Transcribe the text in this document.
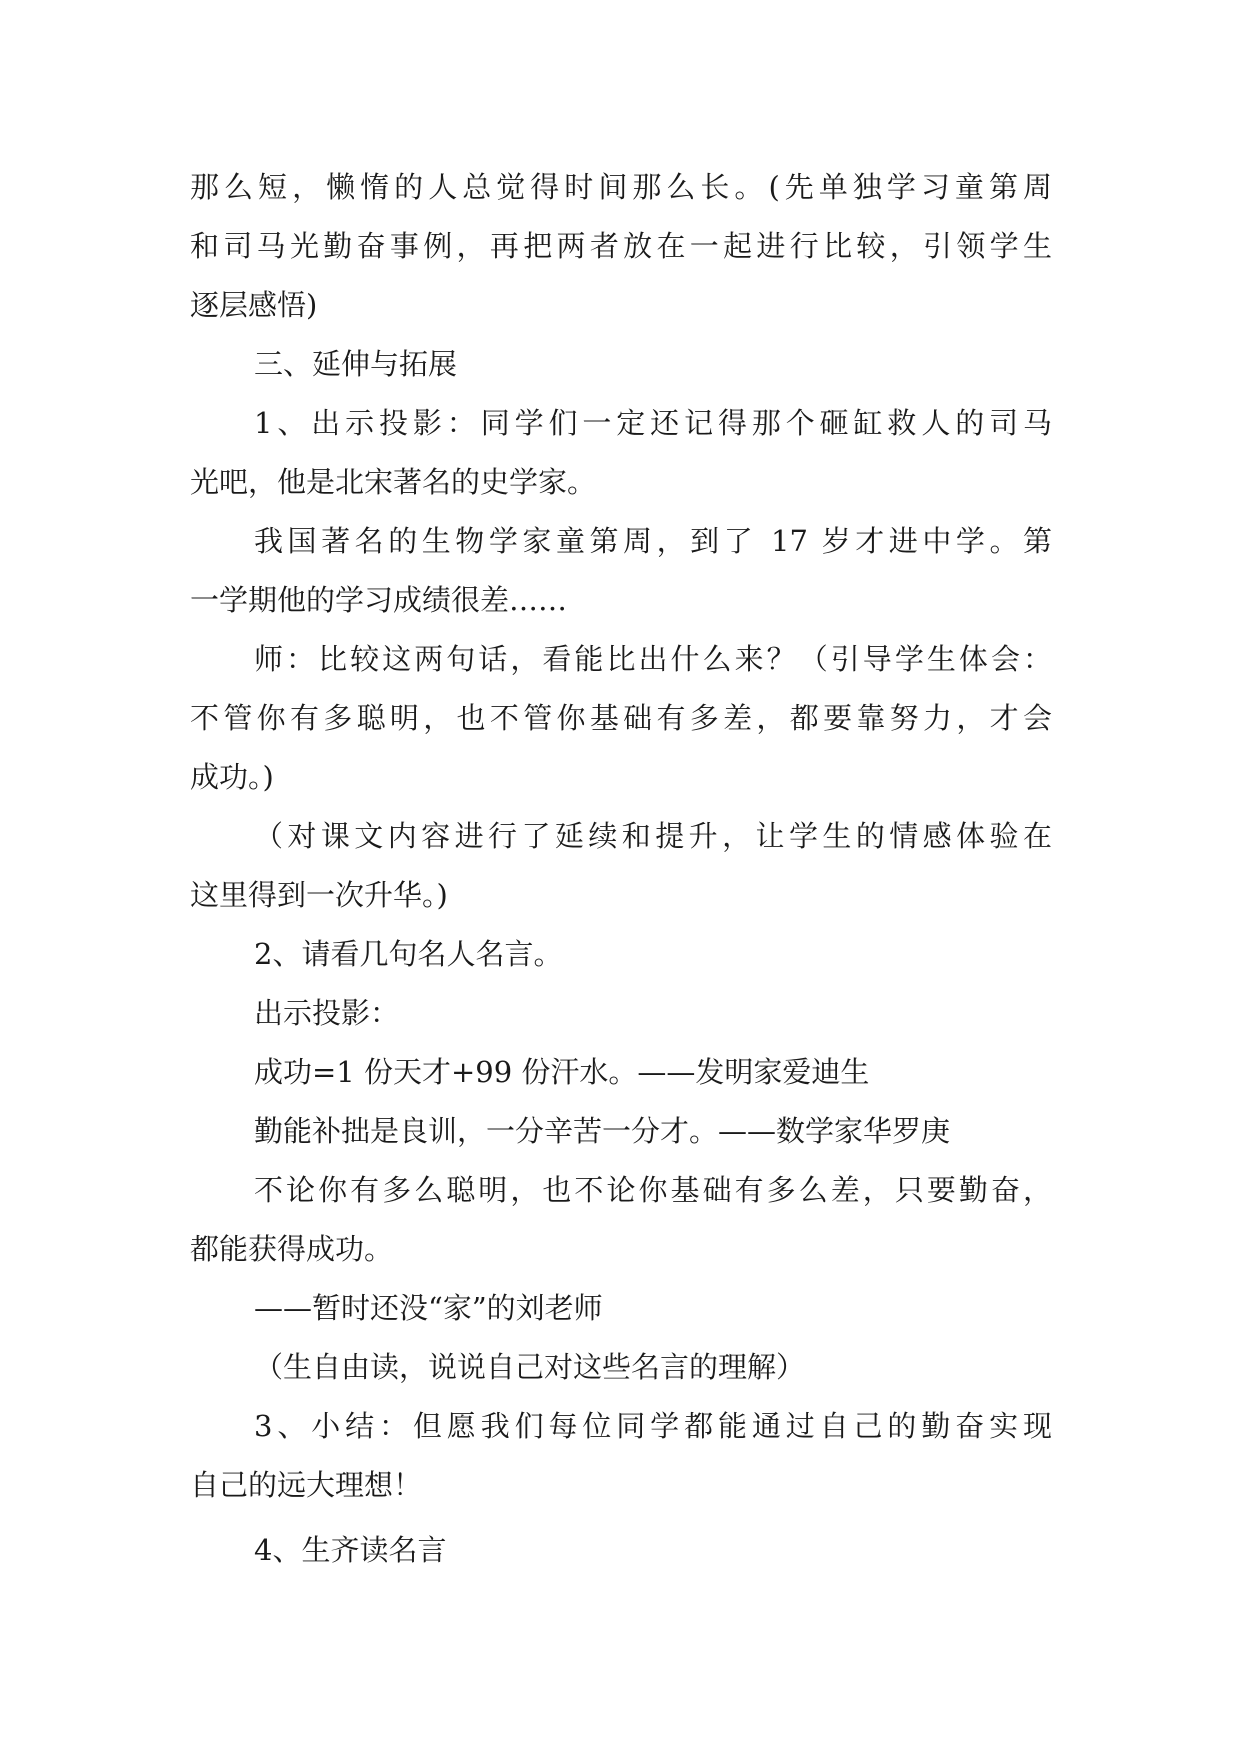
那么短，懒惰的人总觉得时间那么长。(先单独学习童第周
和司马光勤奋事例，再把两者放在一起进行比较，引领学生
逐层感悟)
三、延伸与拓展
1、出示投影：同学们一定还记得那个砸缸救人的司马
光吧，他是北宋著名的史学家。
我国著名的生物学家童第周，到了 17 岁才进中学。第
一学期他的学习成绩很差……
师：比较这两句话，看能比出什么来？（引导学生体会：
不管你有多聪明，也不管你基础有多差，都要靠努力，才会
成功。)
（对课文内容进行了延续和提升，让学生的情感体验在
这里得到一次升华。)
2、请看几句名人名言。
出示投影：
成功=1 份天才+99 份汗水。——发明家爱迪生
勤能补拙是良训，一分辛苦一分才。——数学家华罗庚
不论你有多么聪明，也不论你基础有多么差，只要勤奋，
都能获得成功。
——暂时还没“家”的刘老师
（生自由读，说说自己对这些名言的理解）
3、小结：但愿我们每位同学都能通过自己的勤奋实现
自己的远大理想！
4、生齐读名言
